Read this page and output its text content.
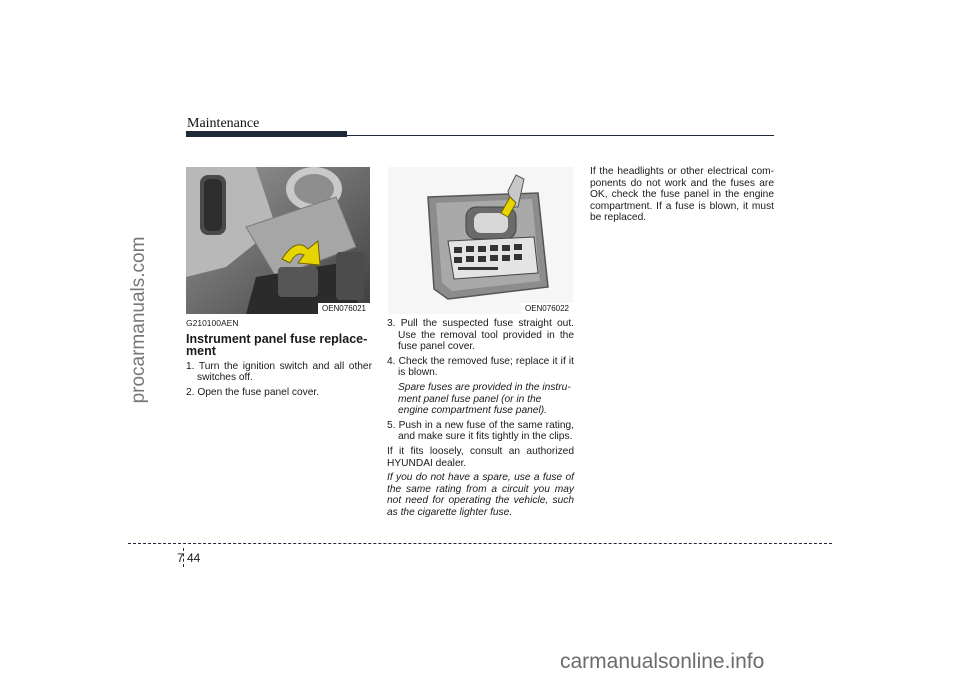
Maintenance
procarmanuals.com	OEN076021	OEN076022

G210100AEN

Instrument panel fuse replace-ment

1. Turn the ignition switch and all other switches off.

2. Open the fuse panel cover.

3. Pull the suspected fuse straight out. Use the removal tool provided in the fuse panel cover.

4. Check the removed fuse; replace it if it is blown.

Spare fuses are provided in the instru-ment panel fuse panel (or in the engine compartment fuse panel).

5. Push in a new fuse of the same rating, and make sure it fits tightly in the clips.

If it fits loosely, consult an authorized HYUNDAI dealer.

If you do not have a spare, use a fuse of the same rating from a circuit you may not need for operating the vehicle, such as the cigarette lighter fuse.

If the headlights or other electrical com-ponents do not work and the fuses are OK, check the fuse panel in the engine compartment. If a fuse is blown, it must be replaced.

7 44
carmanualsonline.info
